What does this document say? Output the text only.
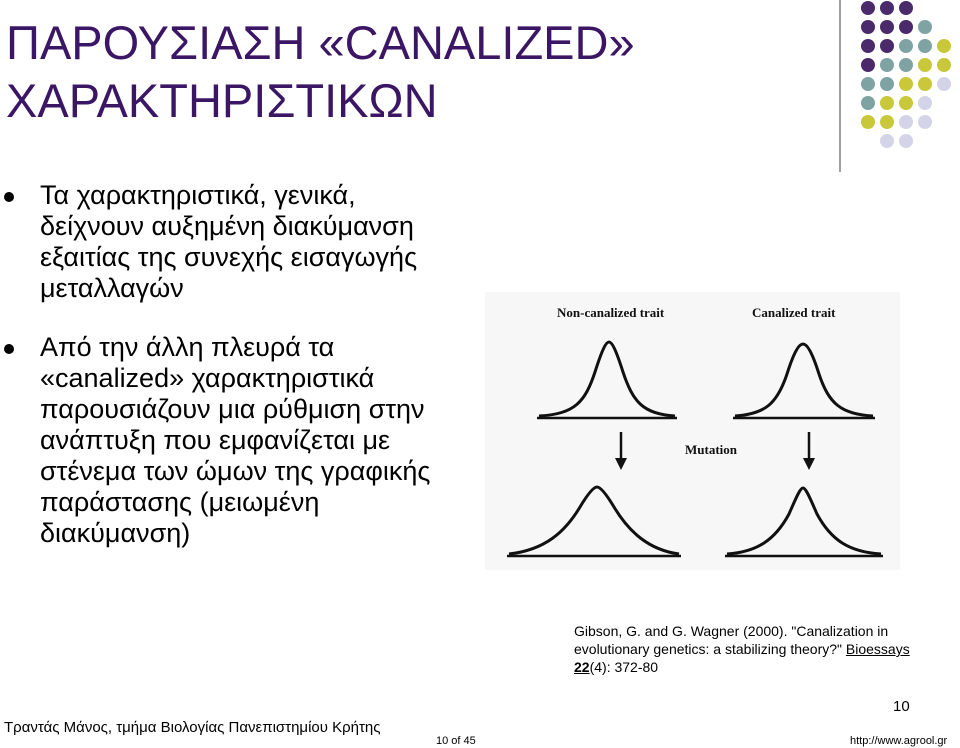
ΠΑΡΟΥΣΙΑΣΗ «CANALIZED» ΧΑΡΑΚΤΗΡΙΣΤΙΚΩΝ
Τα χαρακτηριστικά, γενικά, δείχνουν αυξημένη διακύμανση εξαιτίας της συνεχής εισαγωγής μεταλλαγών
Από την άλλη πλευρά τα «canalized» χαρακτηριστικά παρουσιάζουν μια ρύθμιση στην ανάπτυξη που εμφανίζεται με στένεμα των ώμων της γραφικής παράστασης (μειωμένη διακύμανση)
Non-canalized trait	Canalized trait
Mutation
Gibson, G. and G. Wagner (2000). "Canalization in evolutionary genetics: a stabilizing theory?" Bioessays
22(4): 372-80
10
Τραντάς Μάνος, τμήμα Βιολογίας Πανεπιστημίου Κρήτης
10 of 45	http://www.agrool.gr
